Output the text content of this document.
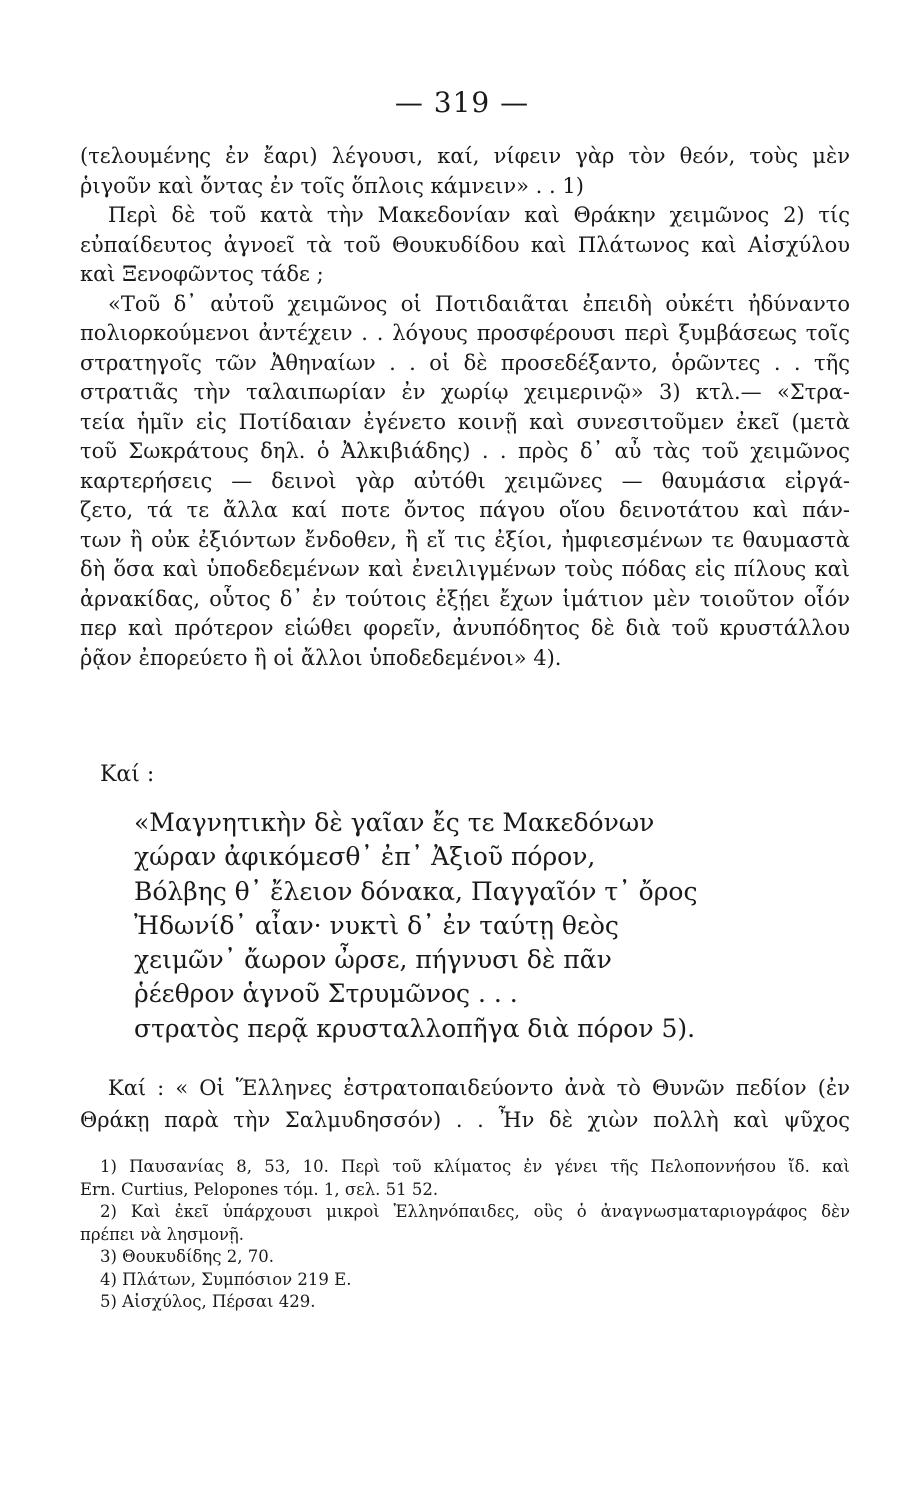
— 319 —
(τελουμένης ἐν ἔαρι) λέγουσι, καί, νίφειν γὰρ τὸν θεόν, τοὺς μὲν
ῥιγοῦν καὶ ὄντας ἐν τοῖς ὅπλοις κάμνειν» . . 1)
Περὶ δὲ τοῦ κατὰ τὴν Μακεδονίαν καὶ Θράκην χειμῶνος 2) τίς
εὐπαίδευτος ἀγνοεῖ τὰ τοῦ Θουκυδίδου καὶ Πλάτωνος καὶ Αἰσχύλου
καὶ Ξενοφῶντος τάδε ;
«Τοῦ δ᾽ αὐτοῦ χειμῶνος οἱ Ποτιδαιᾶται ἐπειδὴ οὐκέτι ἠδύναντο
πολιορκούμενοι ἀντέχειν . . λόγους προσφέρουσι περὶ ξυμβάσεως τοῖς
στρατηγοῖς τῶν Ἀθηναίων . . οἱ δὲ προσεδέξαντο, ὁρῶντες . . τῆς
στρατιᾶς τὴν ταλαιπωρίαν ἐν χωρίῳ χειμερινῷ» 3) κτλ.— «Στρα-
τεία ἡμῖν εἰς Ποτίδαιαν ἐγένετο κοινῇ καὶ συνεσιτοῦμεν ἐκεῖ (μετὰ
τοῦ Σωκράτους δηλ. ὁ Ἀλκιβιάδης) . . πρὸς δ᾽ αὖ τὰς τοῦ χειμῶνος
καρτερήσεις — δεινοὶ γὰρ αὐτόθι χειμῶνες — θαυμάσια εἰργά-
ζετο, τά τε ἄλλα καί ποτε ὄντος πάγου οἵου δεινοτάτου καὶ πάν-
των ἢ οὐκ ἐξιόντων ἔνδοθεν, ἢ εἴ τις ἐξίοι, ἠμφιεσμένων τε θαυμαστὰ
δὴ ὅσα καὶ ὑποδεδεμένων καὶ ἐνειλιγμένων τοὺς πόδας εἰς πίλους καὶ
ἀρνακίδας, οὗτος δ᾽ ἐν τούτοις ἐξῄει ἔχων ἱμάτιον μὲν τοιοῦτον οἷόν
περ καὶ πρότερον εἰώθει φορεῖν, ἀνυπόδητος δὲ διὰ τοῦ κρυστάλλου
ῥᾷον ἐπορεύετο ἢ οἱ ἄλλοι ὑποδεδεμένοι» 4).
Καί :
«Μαγνητικὴν δὲ γαῖαν ἔς τε Μακεδόνων
χώραν ἀφικόμεσθ᾽ ἐπ᾽ Ἀξιοῦ πόρον,
Βόλβης θ᾽ ἔλειον δόνακα, Παγγαῖόν τ᾽ ὄρος
Ἠδωνίδ᾽ αἶαν· νυκτὶ δ᾽ ἐν ταύτῃ θεὸς
χειμῶν᾽ ἄωρον ὦρσε, πήγνυσι δὲ πᾶν
ῥέεθρον ἁγνοῦ Στρυμῶνος . . .
στρατὸς περᾷ κρυσταλλοπῆγα διὰ πόρον 5).
Καί : « Οἱ Ἕλληνες ἐστρατοπαιδεύοντο ἀνὰ τὸ Θυνῶν πεδίον (ἐν
Θράκῃ παρὰ τὴν Σαλμυδησσόν) . . Ἦν δὲ χιὼν πολλὴ καὶ ψῦχος
1) Παυσανίας 8, 53, 10. Περὶ τοῦ κλίματος ἐν γένει τῆς Πελοποννήσου ἴδ. καὶ
Ern. Curtius, Pelopones τόμ. 1, σελ. 51 52.
2) Καὶ ἐκεῖ ὑπάρχουσι μικροὶ Ἑλληνόπαιδες, οὓς ὁ ἀναγνωσματαριογράφος δὲν
πρέπει νὰ λησμονῇ.
3) Θουκυδίδης 2, 70.
4) Πλάτων, Συμπόσιον 219 Ε.
5) Αἰσχύλος, Πέρσαι 429.
